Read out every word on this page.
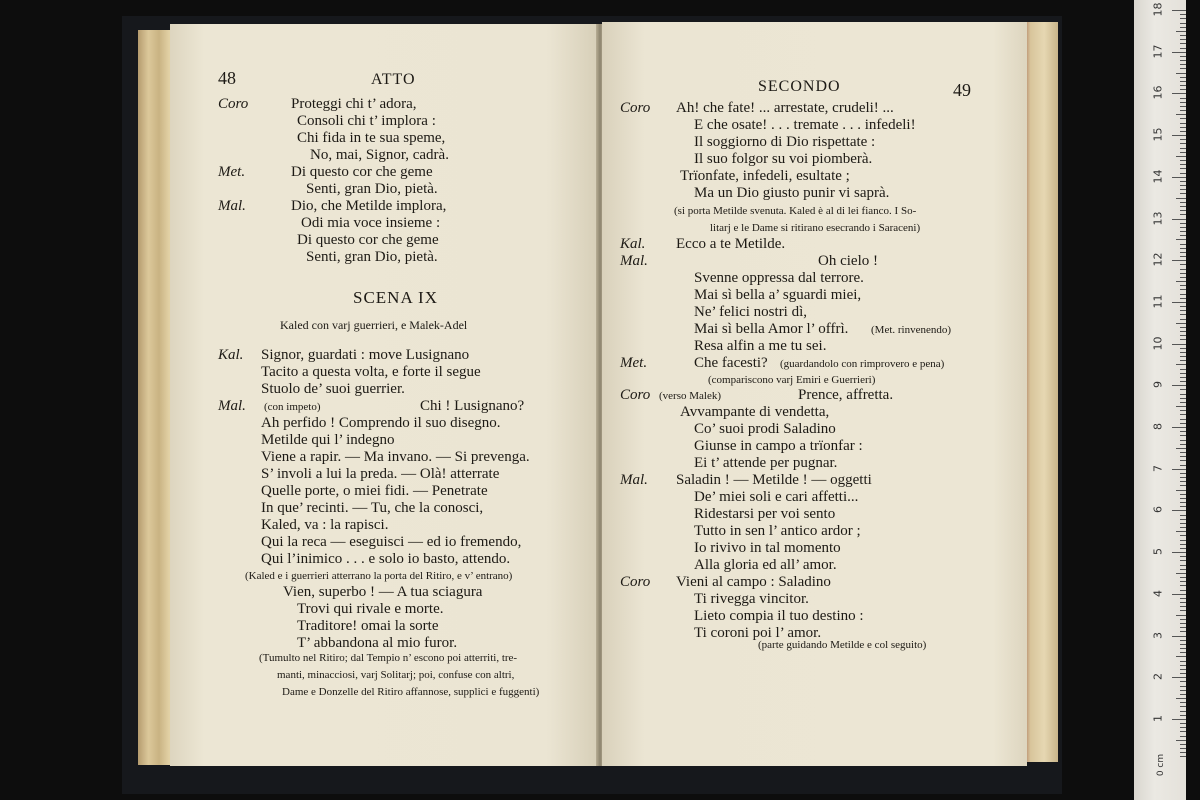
48	ATTO
Coro	Proteggi chi t’ adora,
Consoli chi t’ implora :
Chi fida in te sua speme,
No, mai, Signor, cadrà.
Met.	Di questo cor che geme
Senti, gran Dio, pietà.
Mal.	Dio, che Metilde implora,
Odi mia voce insieme :
Di questo cor che geme
Senti, gran Dio, pietà.
SCENA IX
Kaled con varj guerrieri, e Malek-Adel
Kal. Signor, guardati : move Lusignano
Tacito a questa volta, e forte il segue
Stuolo de’ suoi guerrier.
Mal. (con impeto)	Chi ! Lusignano?
Ah perfido ! Comprendo il suo disegno.
Metilde qui l’ indegno
Viene a rapir. — Ma invano. — Si prevenga.
S’ involi a lui la preda. — Olà! atterrate
Quelle porte, o miei fidi. — Penetrate
In que’ recinti. — Tu, che la conosci,
Kaled, va : la rapisci.
Qui la reca — eseguisci — ed io fremendo,
Qui l’inimico . . . e solo io basto, attendo.
(Kaled e i guerrieri atterrano la porta del Ritiro, e v’ entrano)
Vien, superbo ! — A tua sciagura
Trovi qui rivale e morte.
Traditore! omai la sorte
T’ abbandona al mio furor.
(Tumulto nel Ritiro; dal Tempio n’ escono poi atterriti, tre-
manti, minacciosi, varj Solitarj; poi, confuse con altri,
Dame e Donzelle del Ritiro affannose, supplici e fuggenti)
SECONDO	49
Coro Ah! che fate! ... arrestate, crudeli! ...
E che osate! . . . tremate . . . infedeli!
Il soggiorno di Dio rispettate :
Il suo folgor su voi piomberà.
Trïonfate, infedeli, esultate ;
Ma un Dio giusto punir vi saprà.
(si porta Metilde svenuta. Kaled è al di lei fianco. I So-
litarj e le Dame si ritirano esecrando i Saraceni)
Kal. Ecco a te Metilde.
Mal.	Oh cielo !
Svenne oppressa dal terrore.
Mai sì bella a’ sguardi miei,
Ne’ felici nostri dì,
Mai sì bella Amor l’ offrì. (Met. rinvenendo)
Resa alfin a me tu sei.
Met.	Che facesti? (guardandolo con rimprovero e pena)
(compariscono varj Emiri e Guerrieri)
Coro (verso Malek)	Prence, affretta.
Avvampante di vendetta,
Co’ suoi prodi Saladino
Giunse in campo a trïonfar :
Ei t’ attende per pugnar.
Mal. Saladin ! — Metilde ! — oggetti
De’ miei soli e cari affetti...
Ridestarsi per voi sento
Tutto in sen l’ antico ardor ;
Io rivivo in tal momento
Alla gloria ed all’ amor.
Coro Vieni al campo : Saladino
Ti rivegga vincitor.
Lieto compia il tuo destino :
Ti coroni poi l’ amor.
(parte guidando Metilde e col seguito)
0 cm
18
17
16
15
14
13
12
11
10
9
8
7
6
5
4
3
2
1
